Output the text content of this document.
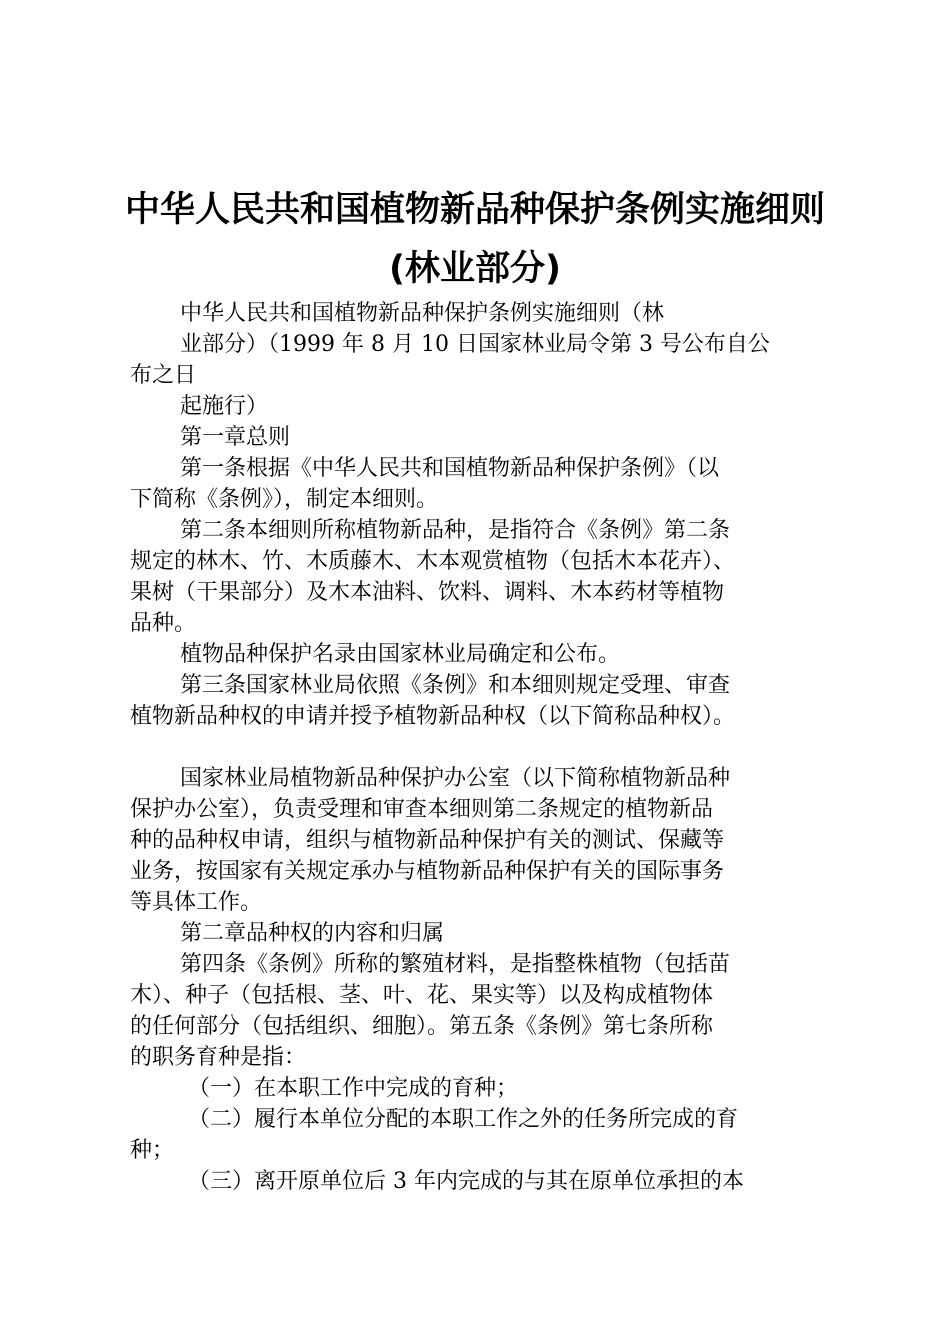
中华人民共和国植物新品种保护条例实施细则
(林业部分)
中华人民共和国植物新品种保护条例实施细则（林
业部分）（1999 年 8 月 10 日国家林业局令第 3 号公布自公
布之日
起施行）
第一章总则
第一条根据《中华人民共和国植物新品种保护条例》（以
下简称《条例》），制定本细则。
第二条本细则所称植物新品种，是指符合《条例》第二条
规定的林木、竹、木质藤木、木本观赏植物（包括木本花卉）、
果树（干果部分）及木本油料、饮料、调料、木本药材等植物
品种。
植物品种保护名录由国家林业局确定和公布。
第三条国家林业局依照《条例》和本细则规定受理、审查
植物新品种权的申请并授予植物新品种权（以下简称品种权）。
国家林业局植物新品种保护办公室（以下简称植物新品种
保护办公室），负责受理和审查本细则第二条规定的植物新品
种的品种权申请，组织与植物新品种保护有关的测试、保藏等
业务，按国家有关规定承办与植物新品种保护有关的国际事务
等具体工作。
第二章品种权的内容和归属
第四条《条例》所称的繁殖材料，是指整株植物（包括苗
木）、种子（包括根、茎、叶、花、果实等）以及构成植物体
的任何部分（包括组织、细胞）。第五条《条例》第七条所称
的职务育种是指：
（一）在本职工作中完成的育种；
（二）履行本单位分配的本职工作之外的任务所完成的育
种；
（三）离开原单位后 3 年内完成的与其在原单位承担的本
